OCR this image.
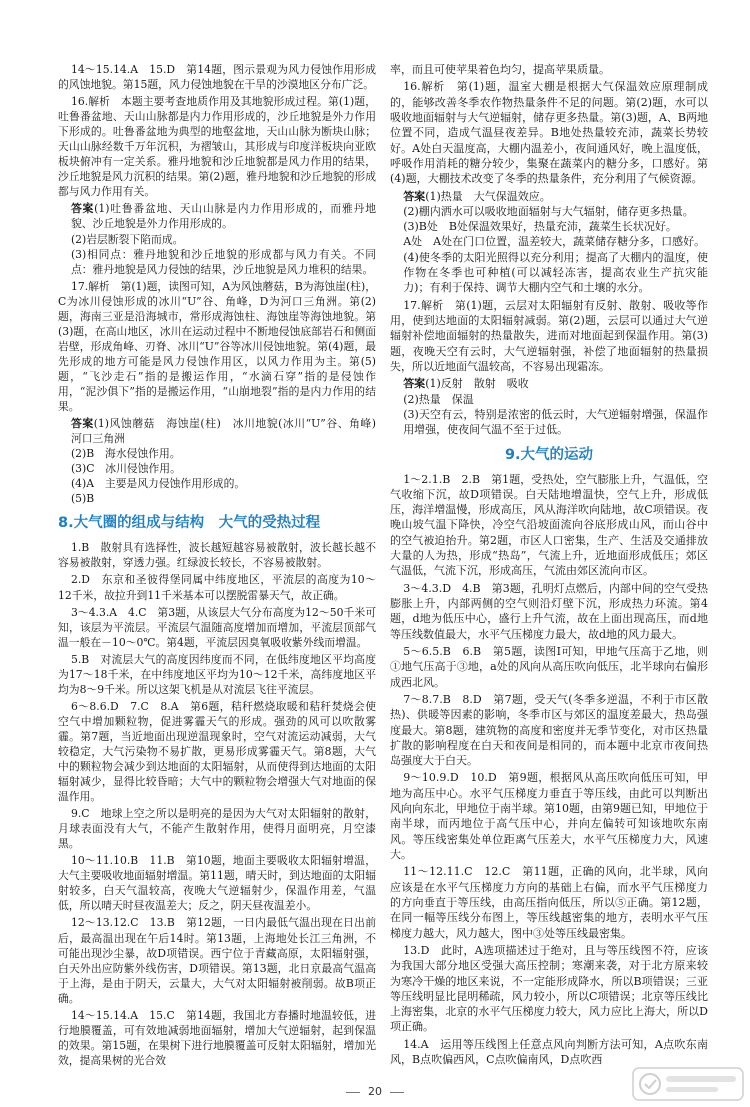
14～15.14.A　15.D　第14题，图示景观为风力侵蚀作用形成的风蚀地貌。第15题，风力侵蚀地貌在干旱的沙漠地区分布广泛。
16.解析　本题主要考查地质作用及其地貌形成过程。第(1)题，吐鲁番盆地、天山山脉都是内力作用形成的，沙丘地貌是外力作用下形成的。吐鲁番盆地为典型的地壑盆地，天山山脉为断块山脉；天山山脉经数千万年沉积，为褶皱山，其形成与印度洋板块向亚欧板块俯冲有一定关系。雅丹地貌和沙丘地貌都是风力作用的结果，沙丘地貌是风力沉积的结果。第(2)题，雅丹地貌和沙丘地貌的形成都与风力作用有关。
答案(1)吐鲁番盆地、天山山脉是内力作用形成的，而雅丹地貌、沙丘地貌是外力作用形成的。
(2)岩层断裂下陷而成。
(3)相同点：雅丹地貌和沙丘地貌的形成都与风力有关。不同点：雅丹地貌是风力侵蚀的结果，沙丘地貌是风力堆积的结果。
17.解析　第(1)题，读图可知，A为风蚀蘑菇，B为海蚀崖(柱)，C为冰川侵蚀形成的冰川“U”谷、角峰，D为河口三角洲。第(2)题，海南三亚是沿海城市，常形成海蚀柱、海蚀崖等海蚀地貌。第(3)题，在高山地区，冰川在运动过程中不断地侵蚀底部岩石和侧面岩壁，形成角峰、刃脊、冰川“U”谷等冰川侵蚀地貌。第(4)题，最先形成的地方可能是风力侵蚀作用区，以风力作用为主。第(5)题，“飞沙走石”指的是搬运作用，“水滴石穿”指的是侵蚀作用，“泥沙俱下”指的是搬运作用，“山崩地裂”指的是内力作用的结果。
答案(1)风蚀蘑菇　海蚀崖(柱)　冰川地貌(冰川“U”谷、角峰)　河口三角洲
(2)B　海水侵蚀作用。
(3)C　冰川侵蚀作用。
(4)A　主要是风力侵蚀作用形成的。
(5)B
8.大气圈的组成与结构　大气的受热过程
1.B　散射具有选择性，波长越短越容易被散射，波长越长越不容易被散射，穿透力强。红绿波长较长，不容易被散射。
2.D　东京和圣彼得堡同属中纬度地区，平流层的高度为10～12千米，故拉升到11千米基本可以摆脱雷暴天气，故正确。
3～4.3.A　4.C　第3题，从该层大气分布高度为12～50千米可知，该层为平流层。平流层气温随高度增加而增加，平流层顶部气温一般在－10～0℃。第4题，平流层因臭氧吸收紫外线而增温。
5.B　对流层大气的高度因纬度而不同，在低纬度地区平均高度为17～18千米，在中纬度地区平均为10～12千米，高纬度地区平均为8～9千米。所以这架飞机是从对流层飞往平流层。
6～8.6.D　7.C　8.A　第6题，秸秆燃烧取暖和秸秆焚烧会使空气中增加颗粒物，促进雾霾天气的形成。强劲的风可以吹散雾霾。第7题，当近地面出现逆温现象时，空气对流运动减弱，大气较稳定，大气污染物不易扩散，更易形成雾霾天气。第8题，大气中的颗粒物会减少到达地面的太阳辐射，从而使得到达地面的太阳辐射减少，显得比较昏暗；大气中的颗粒物会增强大气对地面的保温作用。
9.C　地球上空之所以是明亮的是因为大气对太阳辐射的散射，月球表面没有大气，不能产生散射作用，使得月面明亮，月空漆黑。
10～11.10.B　11.B　第10题，地面主要吸收太阳辐射增温，大气主要吸收地面辐射增温。第11题，晴天时，到达地面的太阳辐射较多，白天气温较高，夜晚大气逆辐射少，保温作用差，气温低，所以晴天时昼夜温差大；反之，阴天昼夜温差小。
12～13.12.C　13.B　第12题，一日内最低气温出现在日出前后，最高温出现在午后14时。第13题，上海地处长江三角洲，不可能出现沙尘暴，故D项错误。西宁位于青藏高原，太阳辐射强，白天外出应防紫外线伤害，D项错误。第13题，北日京最高气温高于上海，是由于阴天，云量大，大气对太阳辐射被削弱。故B项正确。
14～15.14.A　15.C　第14题，我国北方春播时地温较低，进行地膜覆盖，可有效地减弱地面辐射，增加大气逆辐射，起到保温的效果。第15题，在果树下进行地膜覆盖可反射太阳辐射，增加光效，提高果树的光合效
率，而且可使苹果着色均匀，提高苹果质量。
16.解析　第(1)题，温室大棚是根据大气保温效应原理制成的，能够改善冬季农作物热量条件不足的问题。第(2)题，水可以吸收地面辐射与大气逆辐射，储存更多热量。第(3)题，A、B两地位置不同，造成气温昼夜差异。B地处热量较充沛，蔬菜长势较好。A处白天温度高，大棚内温差小，夜间通风好，晚上温度低，呼吸作用消耗的糖分较少，集聚在蔬菜内的糖分多，口感好。第(4)题，大棚技术改变了冬季的热量条件，充分利用了气候资源。
答案(1)热量　大气保温效应。
(2)棚内洒水可以吸收地面辐射与大气辐射，储存更多热量。
(3)B处　B处保温效果好，热量充沛，蔬菜生长状况好。
A处　A处在门口位置，温差较大，蔬菜储存糖分多，口感好。
(4)使冬季的太阳光照得以充分利用；提高了大棚内的温度，使作物在冬季也可种植(可以减轻冻害，提高农业生产抗灾能力)；有利于保持、调节大棚内空气和土壤的水分。
17.解析　第(1)题，云层对太阳辐射有反射、散射、吸收等作用，使到达地面的太阳辐射减弱。第(2)题，云层可以通过大气逆辐射补偿地面辐射的热量散失，进而对地面起到保温作用。第(3)题，夜晚天空有云时，大气逆辐射强，补偿了地面辐射的热量损失，所以近地面气温较高，不容易出现霜冻。
答案(1)反射　散射　吸收
(2)热量　保温
(3)天空有云，特别是浓密的低云时，大气逆辐射增强，保温作用增强，使夜间气温不至于过低。
9.大气的运动
1～2.1.B　2.B　第1题，受热处，空气膨胀上升，气温低，空气收缩下沉，故D项错误。白天陆地增温快，空气上升，形成低压，海洋增温慢，形成高压，风从海洋吹向陆地，故C项错误。夜晚山坡气温下降快，冷空气沿坡面流向谷底形成山风，而山谷中的空气被迫抬升。第2题，市区人口密集，生产、生活及交通排放大量的人为热，形成“热岛”，气流上升，近地面形成低压；郊区气温低，气流下沉，形成高压，气流由郊区流向市区。
3～4.3.D　4.B　第3题，孔明灯点燃后，内部中间的空气受热膨胀上升，内部两侧的空气则沿灯壁下沉，形成热力环流。第4题，d地为低压中心，盛行上升气流，故在上面出现高压，而d地等压线数值最大，水平气压梯度力最大，故d地的风力最大。
5～6.5.B　6.B　第5题，读图Ⅰ可知，甲地气压高于乙地，则①地气压高于③地，a处的风向从高压吹向低压，北半球向右偏形成西北风。
7～8.7.B　8.D　第7题，受天气(冬季多逆温，不利于市区散热)、供暖等因素的影响，冬季市区与郊区的温度差最大，热岛强度最大。第8题，建筑物的高度和密度并无季节变化，对市区热量扩散的影响程度在白天和夜间是相同的，而本题中北京市夜间热岛强度大于白天。
9～10.9.D　10.D　第9题，根据风从高压吹向低压可知，甲地为高压中心。水平气压梯度力垂直于等压线，由此可以判断出风向向东北，甲地位于南半球。第10题，由第9题已知，甲地位于南半球，而丙地位于高气压中心，并向左偏转可知该地吹东南风。等压线密集处单位距离气压差大，水平气压梯度力大，风速大。
11～12.11.C　12.C　第11题，正确的风向，北半球，风向应该是在水平气压梯度力方向的基础上右偏，而水平气压梯度力的方向垂直于等压线，由高压指向低压，所以⑤正确。第12题，在同一幅等压线分布图上，等压线越密集的地方，表明水平气压梯度力越大，风力越大，图中③处等压线最密集。
13.D　此时，A选项描述过于绝对，且与等压线图不符，应该为我国大部分地区受强大高压控制；寒潮来袭，对于北方原来较为寒冷干燥的地区来说，不一定能形成降水，所以B项错误；三亚等压线明显比昆明稀疏，风力较小，所以C项错误；北京等压线比上海密集，北京的水平气压梯度力较大，风力应比上海大，所以D项正确。
14.A　运用等压线图上任意点风向判断方法可知，A点吹东南风，B点吹偏西风，C点吹偏南风，D点吹西
20
